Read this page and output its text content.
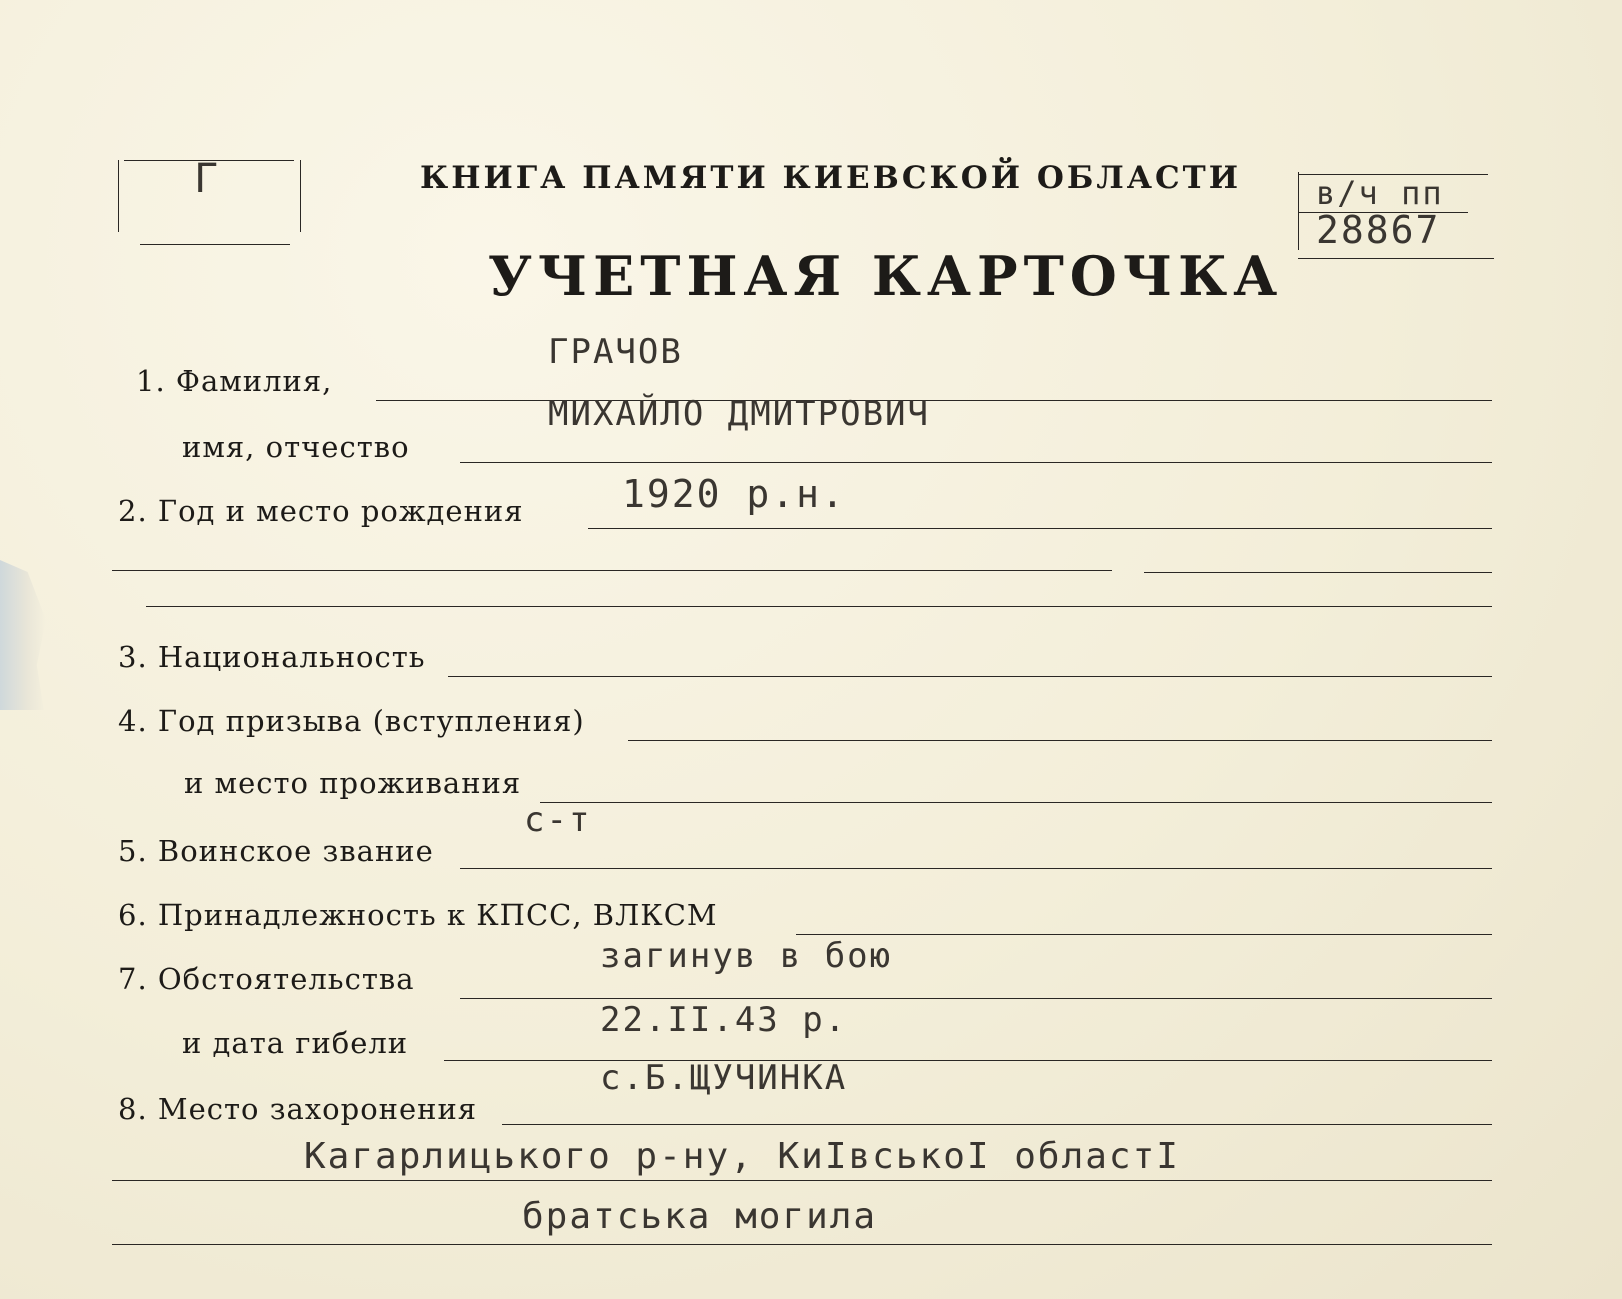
Г	КНИГА ПАМЯТИ КИЕВСКОЙ ОБЛАСТИ
УЧЕТНАЯ КАРТОЧКА
в/ч пп
28867
1. Фамилия,
ГРАЧОВ
имя, отчество
МИХАЙЛО ДМИТРОВИЧ
2. Год и место рождения	1920 р.н.
3. Национальность
4. Год призыва (вступления)
и место проживания
с-т
5. Воинское звание
6. Принадлежность к КПСС, ВЛКСМ
загинув в бою
7. Обстоятельства
22.II.43 р.
и дата гибели
с.Б.ЩУЧИНКА
8. Место захоронения
Кагарлицького р-ну, КиIвськоI областI
братська могила
